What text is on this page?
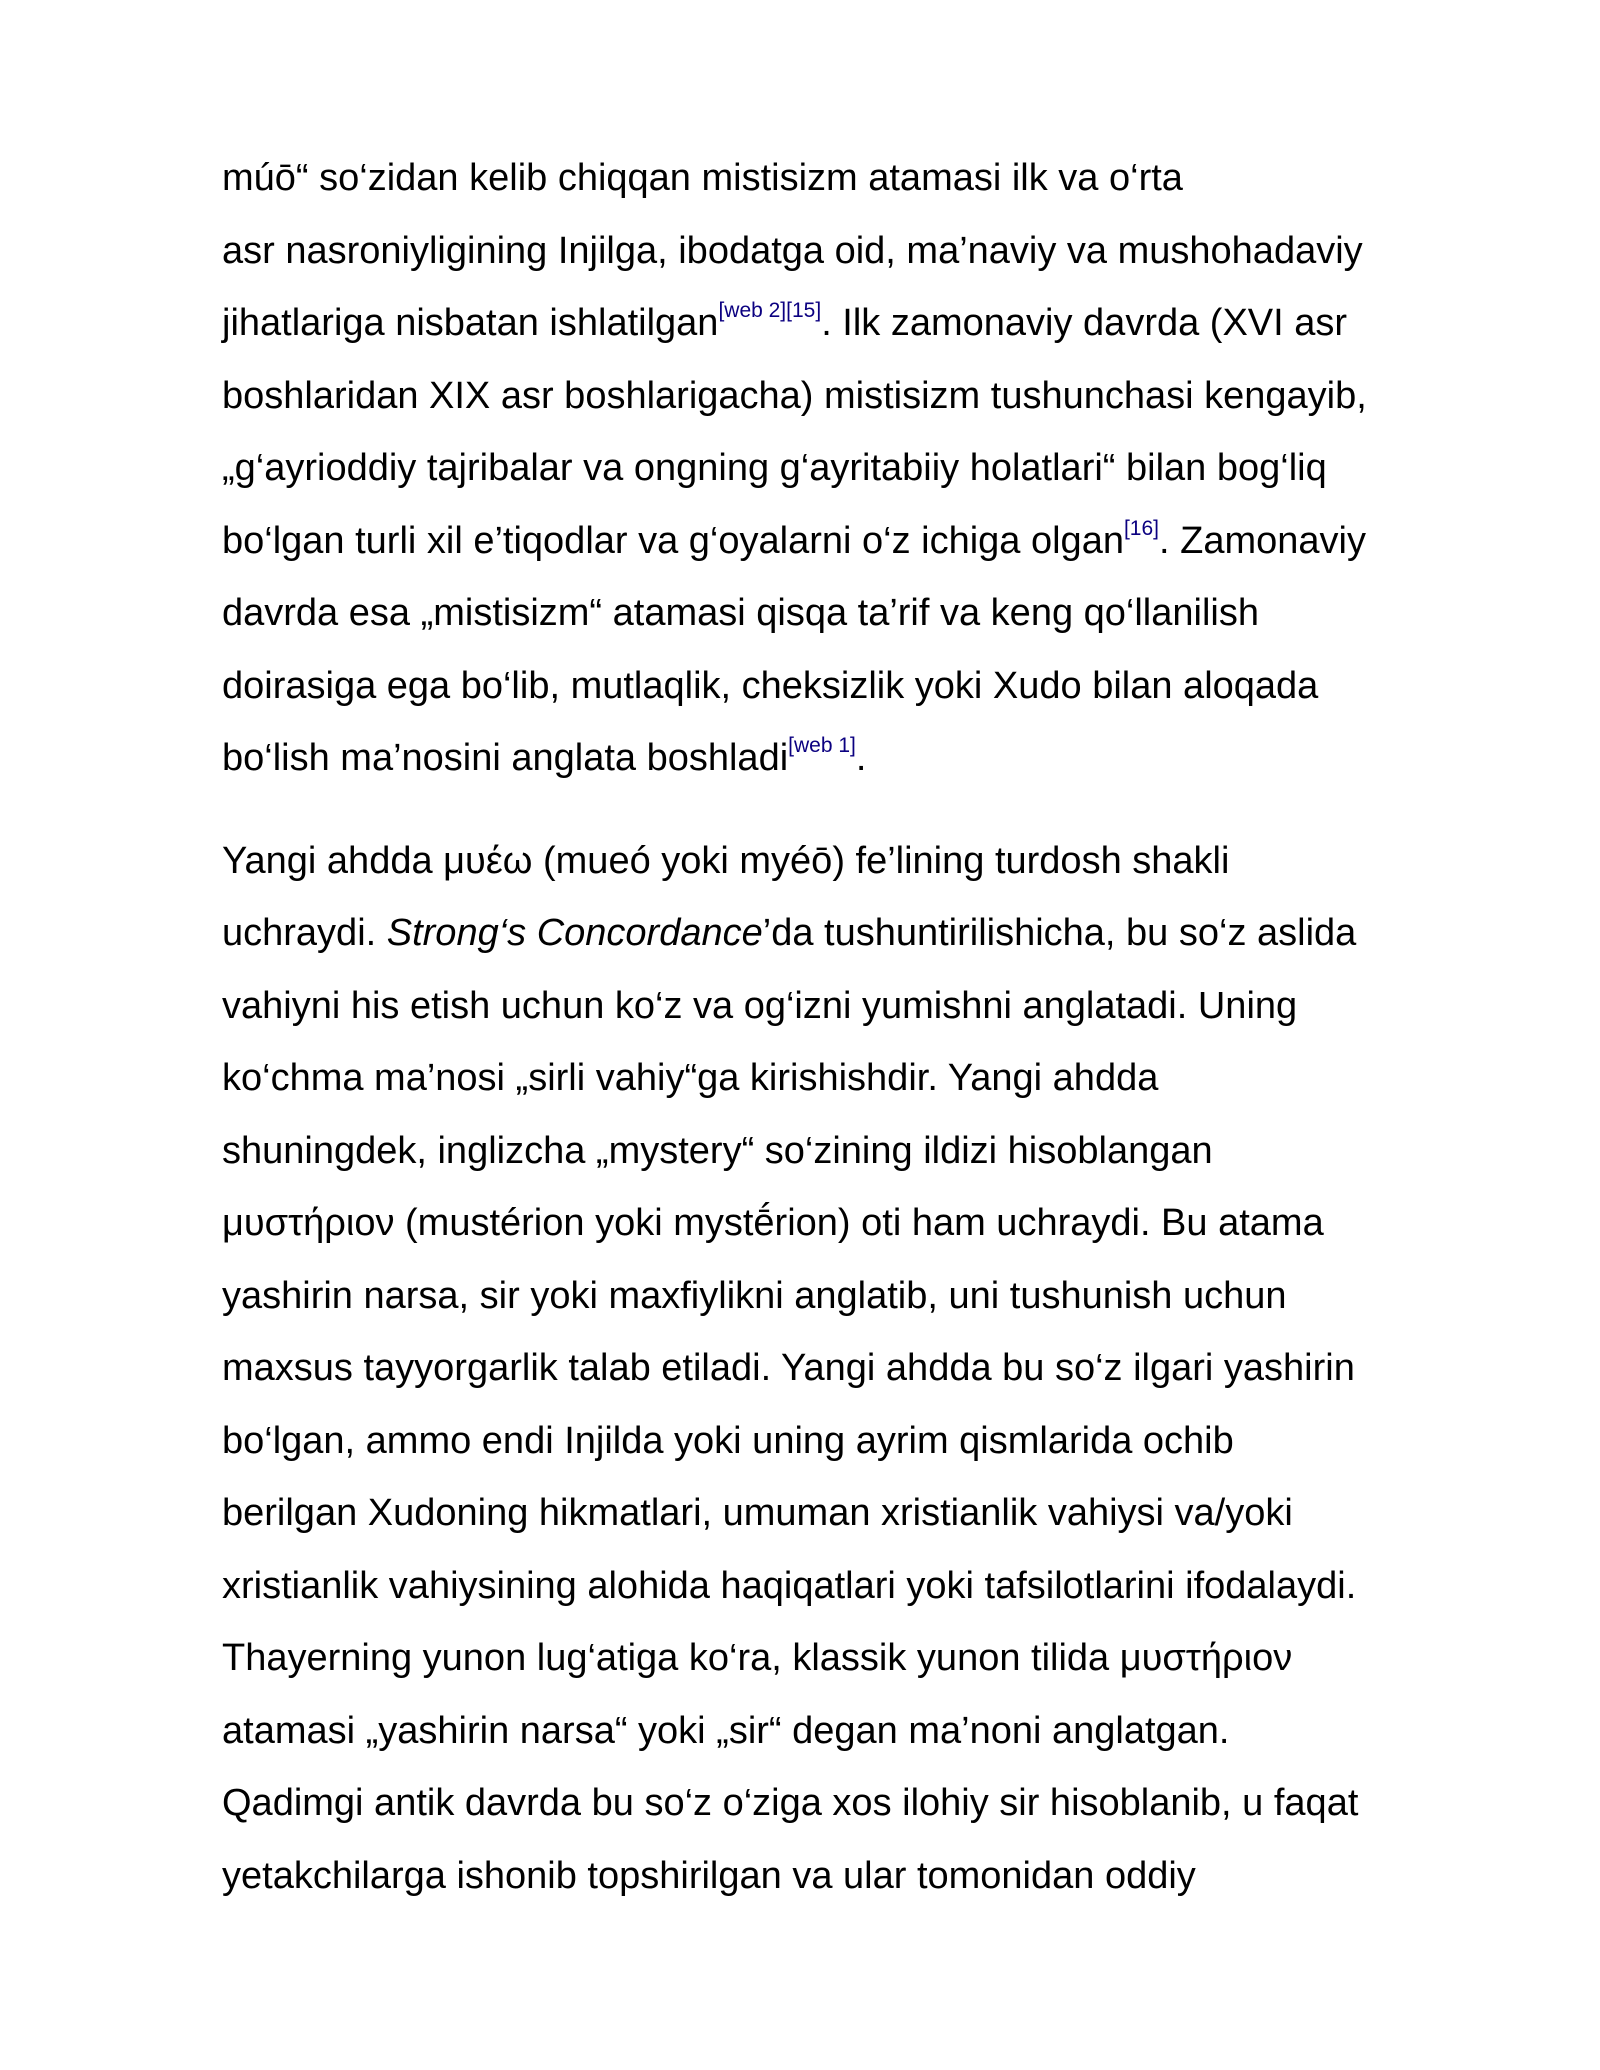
múō“ so‘zidan kelib chiqqan mistisizm atamasi ilk va o‘rta
asr nasroniyligining Injilga, ibodatga oid, ma’naviy va mushohadaviy
jihatlariga nisbatan ishlatilgan[web 2][15]. Ilk zamonaviy davrda (XVI asr
boshlaridan XIX asr boshlarigacha) mistisizm tushunchasi kengayib,
„g‘ayrioddiy tajribalar va ongning g‘ayritabiiy holatlari“ bilan bog‘liq
bo‘lgan turli xil e’tiqodlar va g‘oyalarni o‘z ichiga olgan[16]. Zamonaviy
davrda esa „mistisizm“ atamasi qisqa ta’rif va keng qo‘llanilish
doirasiga ega bo‘lib, mutlaqlik, cheksizlik yoki Xudo bilan aloqada
bo‘lish ma’nosini anglata boshladi[web 1].

Yangi ahdda μυέω (mueó yoki myéō) fe’lining turdosh shakli
uchraydi. Strong‘s Concordance’da tushuntirilishicha, bu so‘z aslida
vahiyni his etish uchun ko‘z va og‘izni yumishni anglatadi. Uning
ko‘chma ma’nosi „sirli vahiy“ga kirishishdir. Yangi ahdda
shuningdek, inglizcha „mystery“ so‘zining ildizi hisoblangan
μυστήριον (mustérion yoki mystḗrion) oti ham uchraydi. Bu atama
yashirin narsa, sir yoki maxfiylikni anglatib, uni tushunish uchun
maxsus tayyorgarlik talab etiladi. Yangi ahdda bu so‘z ilgari yashirin
bo‘lgan, ammo endi Injilda yoki uning ayrim qismlarida ochib
berilgan Xudoning hikmatlari, umuman xristianlik vahiysi va/yoki
xristianlik vahiysining alohida haqiqatlari yoki tafsilotlarini ifodalaydi.
Thayerning yunon lug‘atiga ko‘ra, klassik yunon tilida μυστήριον
atamasi „yashirin narsa“ yoki „sir“ degan ma’noni anglatgan.
Qadimgi antik davrda bu so‘z o‘ziga xos ilohiy sir hisoblanib, u faqat
yetakchilarga ishonib topshirilgan va ular tomonidan oddiy
